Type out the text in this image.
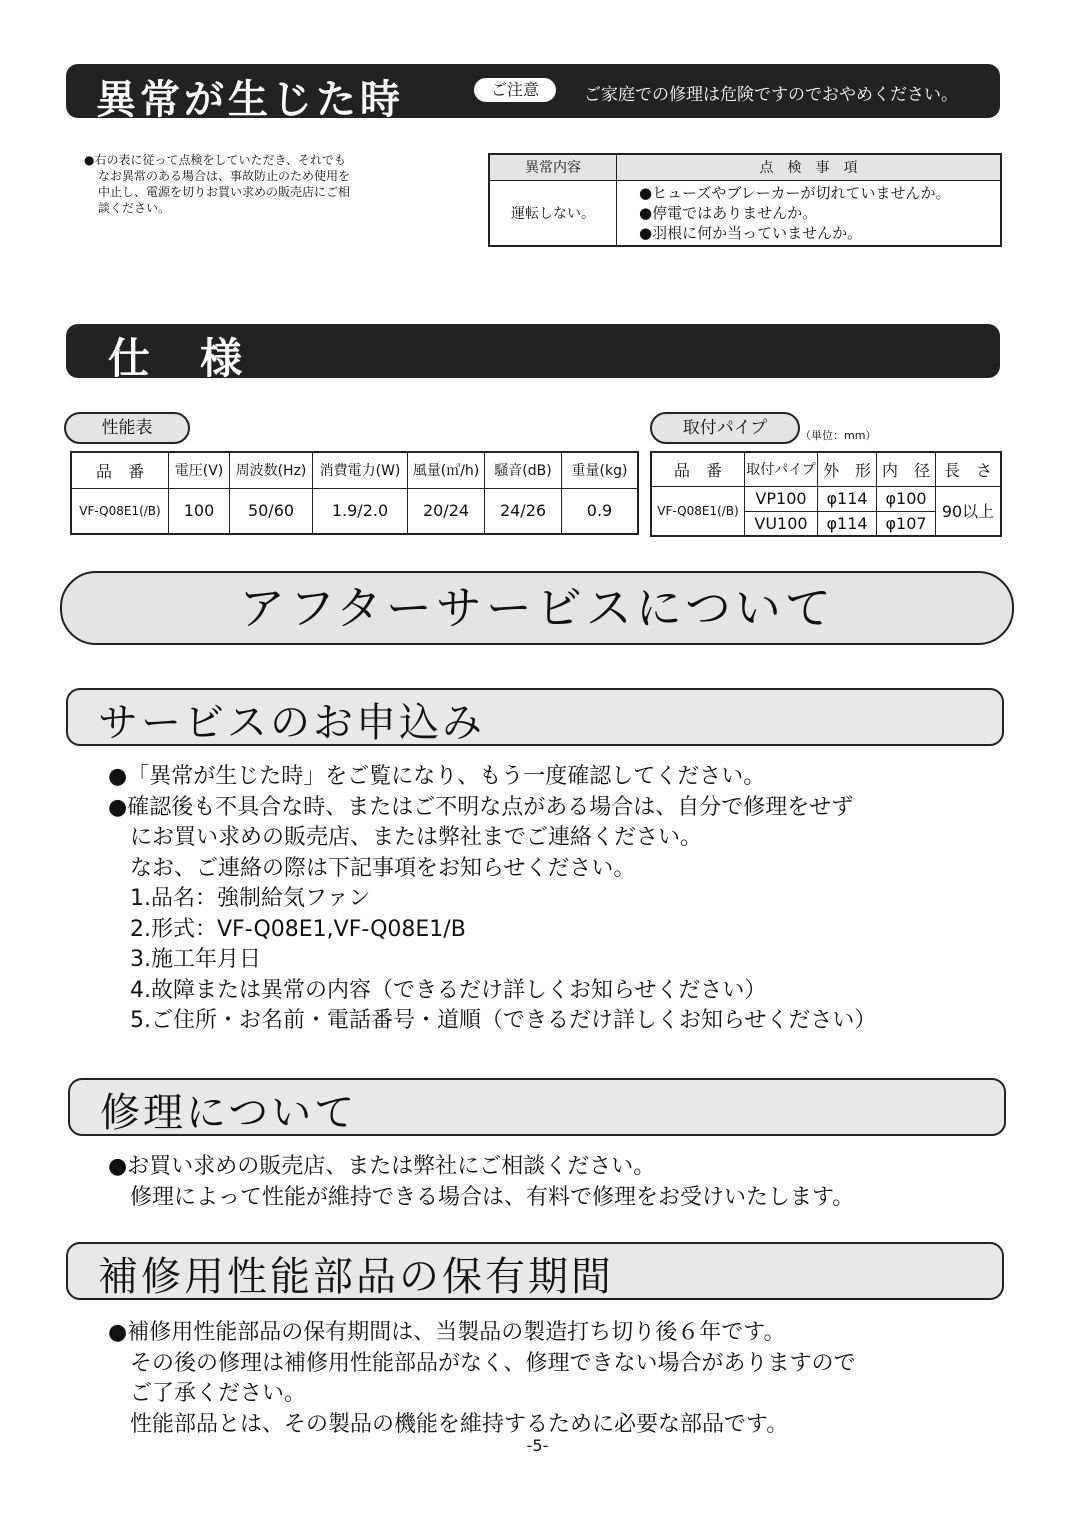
異常が生じた時	ご注意	ご家庭での修理は危険ですのでおやめください。
●右の表に従って点検をしていただき、それでも
なお異常のある場合は、事故防止のため使用を
中止し、電源を切りお買い求めの販売店にご相
談ください。
異常内容	点　検　事　項
運転しない。	●ヒューズやブレーカーが切れていませんか。
●停電ではありませんか。
●羽根に何か当っていませんか。
仕　様
性能表	取付パイプ	（単位：mm）
品　番	電圧(V)	周波数(Hz)	消費電力(W)	風量(㎥/h)	騒音(dB)	重量(kg)
VF-Q08E1(/B)	100	50/60	1.9/2.0	20/24	24/26	0.9
品　番	取付パイプ	外　形	内　径	長　さ
VF-Q08E1(/B)	VP100	φ114	φ100	90以上
	VU100	φ114	φ107	
アフターサービスについて
サービスのお申込み

●「異常が生じた時」をご覧になり、もう一度確認してください。

●確認後も不具合な時、またはご不明な点がある場合は、自分で修理をせず

　にお買い求めの販売店、または弊社までご連絡ください。

　なお、ご連絡の際は下記事項をお知らせください。

　1.品名：強制給気ファン

　2.形式：VF-Q08E1,VF-Q08E1/B

　3.施工年月日

　4.故障または異常の内容（できるだけ詳しくお知らせください）

　5.ご住所・お名前・電話番号・道順（できるだけ詳しくお知らせください）

修理について

●お買い求めの販売店、または弊社にご相談ください。

　修理によって性能が維持できる場合は、有料で修理をお受けいたします。

補修用性能部品の保有期間

●補修用性能部品の保有期間は、当製品の製造打ち切り後６年です。

　その後の修理は補修用性能部品がなく、修理できない場合がありますので

　ご了承ください。

　性能部品とは、その製品の機能を維持するために必要な部品です。

-5-
